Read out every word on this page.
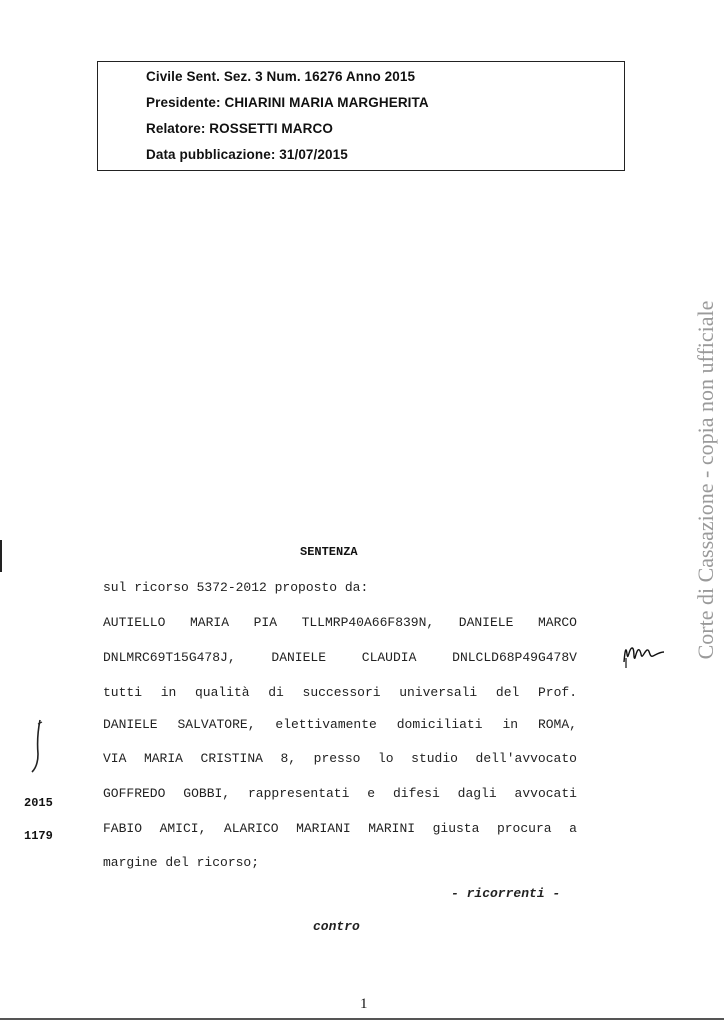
Civile Sent. Sez. 3 Num. 16276 Anno 2015
Presidente: CHIARINI MARIA MARGHERITA
Relatore: ROSSETTI MARCO
Data pubblicazione: 31/07/2015
Corte di Cassazione - copia non ufficiale
SENTENZA
sul ricorso 5372-2012 proposto da:
AUTIELLO MARIA PIA TLLMRP40A66F839N, DANIELE MARCO
DNLMRC69T15G478J,	DANIELE	CLAUDIA	DNLCLD68P49G478V
tutti in qualità di successori universali del Prof.
DANIELE SALVATORE, elettivamente domiciliati in ROMA,
VIA MARIA CRISTINA 8, presso lo studio dell'avvocato
GOFFREDO GOBBI, rappresentati e difesi dagli avvocati
FABIO AMICI, ALARICO MARIANI MARINI giusta procura a
margine del ricorso;
- ricorrenti -
contro
2015
1179
1
